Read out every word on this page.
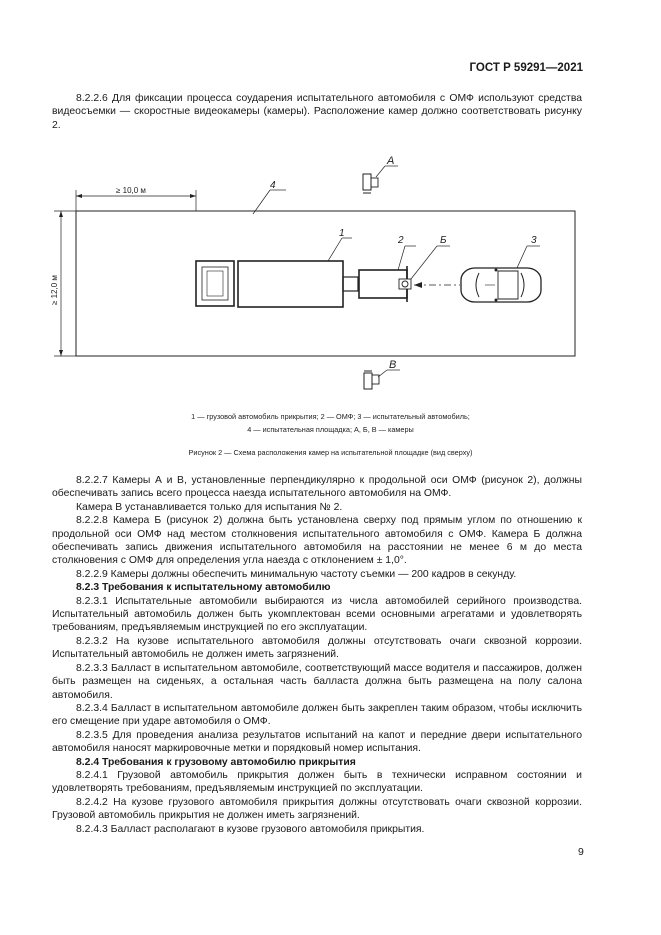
ГОСТ Р 59291—2021

8.2.2.6 Для фиксации процесса соударения испытательного автомобиля с ОМФ используют средства видеосъемки — скоростные видеокамеры (камеры). Расположение камер должно соответствовать рисунку 2.

≥ 10,0 м
≥ 12,0 м
4
1
2	Б	3
А
В
1 — грузовой автомобиль прикрытия; 2 — ОМФ; 3 — испытательный автомобиль;
4 — испытательная площадка; А, Б, В — камеры
Рисунок 2 — Схема расположения камер на испытательной площадке (вид сверху)

8.2.2.7 Камеры А и В, установленные перпендикулярно к продольной оси ОМФ (рисунок 2), должны обеспечивать запись всего процесса наезда испытательного автомобиля на ОМФ.

Камера В устанавливается только для испытания № 2.

8.2.2.8 Камера Б (рисунок 2) должна быть установлена сверху под прямым углом по отношению к продольной оси ОМФ над местом столкновения испытательного автомобиля с ОМФ. Камера Б должна обеспечивать запись движения испытательного автомобиля на расстоянии не менее 6 м до места столкновения с ОМФ для определения угла наезда с отклонением ± 1,0°.

8.2.2.9 Камеры должны обеспечить минимальную частоту съемки — 200 кадров в секунду.

8.2.3 Требования к испытательному автомобилю

8.2.3.1 Испытательные автомобили выбираются из числа автомобилей серийного производства. Испытательный автомобиль должен быть укомплектован всеми основными агрегатами и удовлетворять требованиям, предъявляемым инструкцией по его эксплуатации.

8.2.3.2 На кузове испытательного автомобиля должны отсутствовать очаги сквозной коррозии. Испытательный автомобиль не должен иметь загрязнений.

8.2.3.3 Балласт в испытательном автомобиле, соответствующий массе водителя и пассажиров, должен быть размещен на сиденьях, а остальная часть балласта должна быть размещена на полу салона автомобиля.

8.2.3.4 Балласт в испытательном автомобиле должен быть закреплен таким образом, чтобы исключить его смещение при ударе автомобиля о ОМФ.

8.2.3.5 Для проведения анализа результатов испытаний на капот и передние двери испытательного автомобиля наносят маркировочные метки и порядковый номер испытания.

8.2.4 Требования к грузовому автомобилю прикрытия

8.2.4.1 Грузовой автомобиль прикрытия должен быть в технически исправном состоянии и удовлетворять требованиям, предъявляемым инструкцией по эксплуатации.

8.2.4.2 На кузове грузового автомобиля прикрытия должны отсутствовать очаги сквозной коррозии. Грузовой автомобиль прикрытия не должен иметь загрязнений.

8.2.4.3 Балласт располагают в кузове грузового автомобиля прикрытия.

9
